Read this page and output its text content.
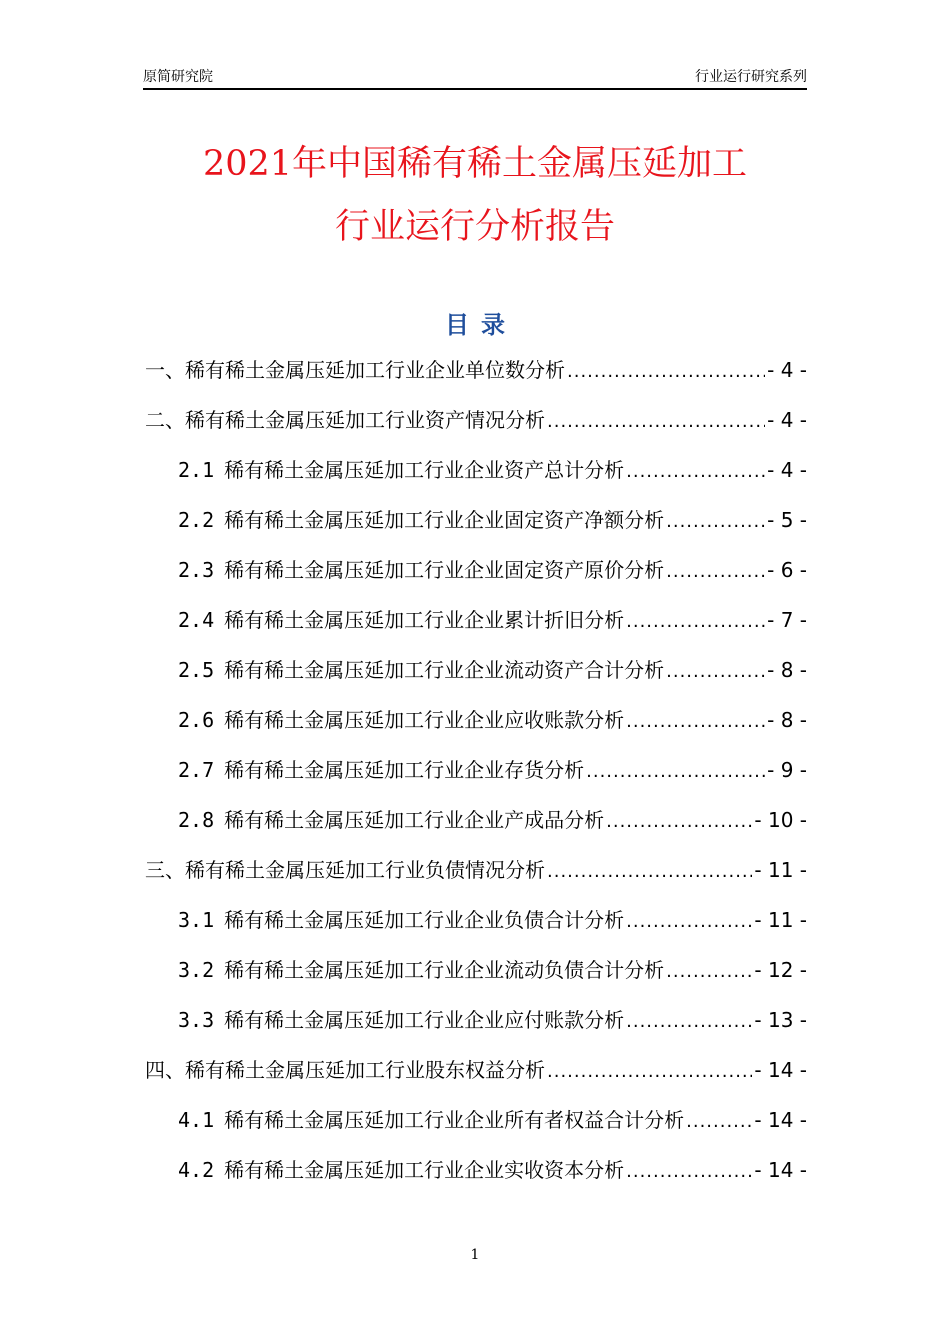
原简研究院	行业运行研究系列
2021年中国稀有稀土金属压延加工
行业运行分析报告
目录
一、稀有稀土金属压延加工行业企业单位数分析 .....	- 4 -
二、稀有稀土金属压延加工行业资产情况分析 .....	- 4 -
2.1 稀有稀土金属压延加工行业企业资产总计分析 .....	- 4 -
2.2 稀有稀土金属压延加工行业企业固定资产净额分析 .....	- 5 -
2.3 稀有稀土金属压延加工行业企业固定资产原价分析 .....	- 6 -
2.4 稀有稀土金属压延加工行业企业累计折旧分析 .....	- 7 -
2.5 稀有稀土金属压延加工行业企业流动资产合计分析 .....	- 8 -
2.6 稀有稀土金属压延加工行业企业应收账款分析 .....	- 8 -
2.7 稀有稀土金属压延加工行业企业存货分析 .....	- 9 -
2.8 稀有稀土金属压延加工行业企业产成品分析 .....	- 10 -
三、稀有稀土金属压延加工行业负债情况分析 .....	- 11 -
3.1 稀有稀土金属压延加工行业企业负债合计分析 .....	- 11 -
3.2 稀有稀土金属压延加工行业企业流动负债合计分析 .....	- 12 -
3.3 稀有稀土金属压延加工行业企业应付账款分析 .....	- 13 -
四、稀有稀土金属压延加工行业股东权益分析 .....	- 14 -
4.1 稀有稀土金属压延加工行业企业所有者权益合计分析 .....	- 14 -
4.2 稀有稀土金属压延加工行业企业实收资本分析 .....	- 14 -
1
